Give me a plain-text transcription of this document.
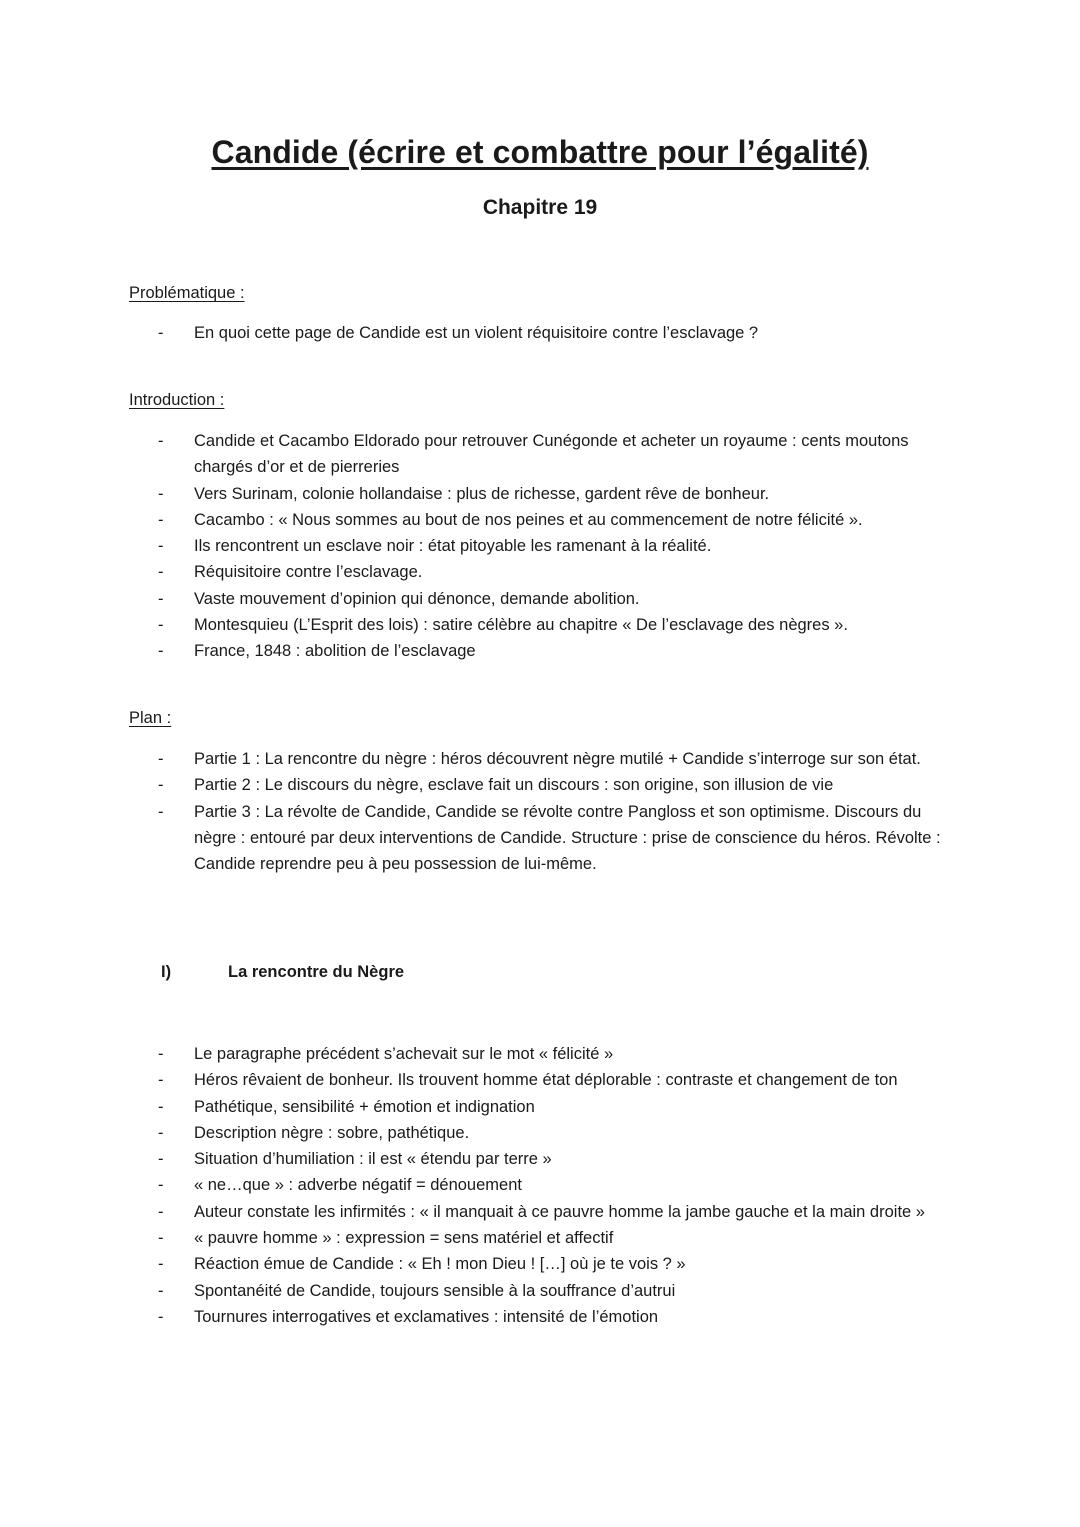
Candide (écrire et combattre pour l’égalité)
Chapitre 19
Problématique :
- En quoi cette page de Candide est un violent réquisitoire contre l’esclavage ?
Introduction :
- Candide et Cacambo Eldorado pour retrouver Cunégonde et acheter un royaume : cents moutons chargés d’or et de pierreries
- Vers Surinam, colonie hollandaise : plus de richesse, gardent rêve de bonheur.
- Cacambo : « Nous sommes au bout de nos peines et au commencement de notre félicité ».
- Ils rencontrent un esclave noir : état pitoyable les ramenant à la réalité.
- Réquisitoire contre l’esclavage.
- Vaste mouvement d’opinion qui dénonce, demande abolition.
- Montesquieu (L’Esprit des lois) : satire célèbre au chapitre « De l’esclavage des nègres ».
- France, 1848 : abolition de l’esclavage
Plan :
- Partie 1 : La rencontre du nègre : héros découvrent nègre mutilé + Candide s’interroge sur son état.
- Partie 2 : Le discours du nègre, esclave fait un discours : son origine, son illusion de vie
- Partie 3 : La révolte de Candide, Candide se révolte contre Pangloss et son optimisme. Discours du nègre : entouré par deux interventions de Candide. Structure : prise de conscience du héros. Révolte : Candide reprendre peu à peu possession de lui-même.
I)	La rencontre du Nègre
- Le paragraphe précédent s’achevait sur le mot « félicité »
- Héros rêvaient de bonheur. Ils trouvent homme état déplorable : contraste et changement de ton
- Pathétique, sensibilité + émotion et indignation
- Description nègre : sobre, pathétique.
- Situation d’humiliation : il est « étendu par terre »
- « ne…que » : adverbe négatif = dénouement
- Auteur constate les infirmités : « il manquait à ce pauvre homme la jambe gauche et la main droite »
- « pauvre homme » : expression = sens matériel et affectif
- Réaction émue de Candide : « Eh ! mon Dieu ! […] où je te vois ? »
- Spontanéité de Candide, toujours sensible à la souffrance d’autrui
- Tournures interrogatives et exclamatives : intensité de l’émotion
